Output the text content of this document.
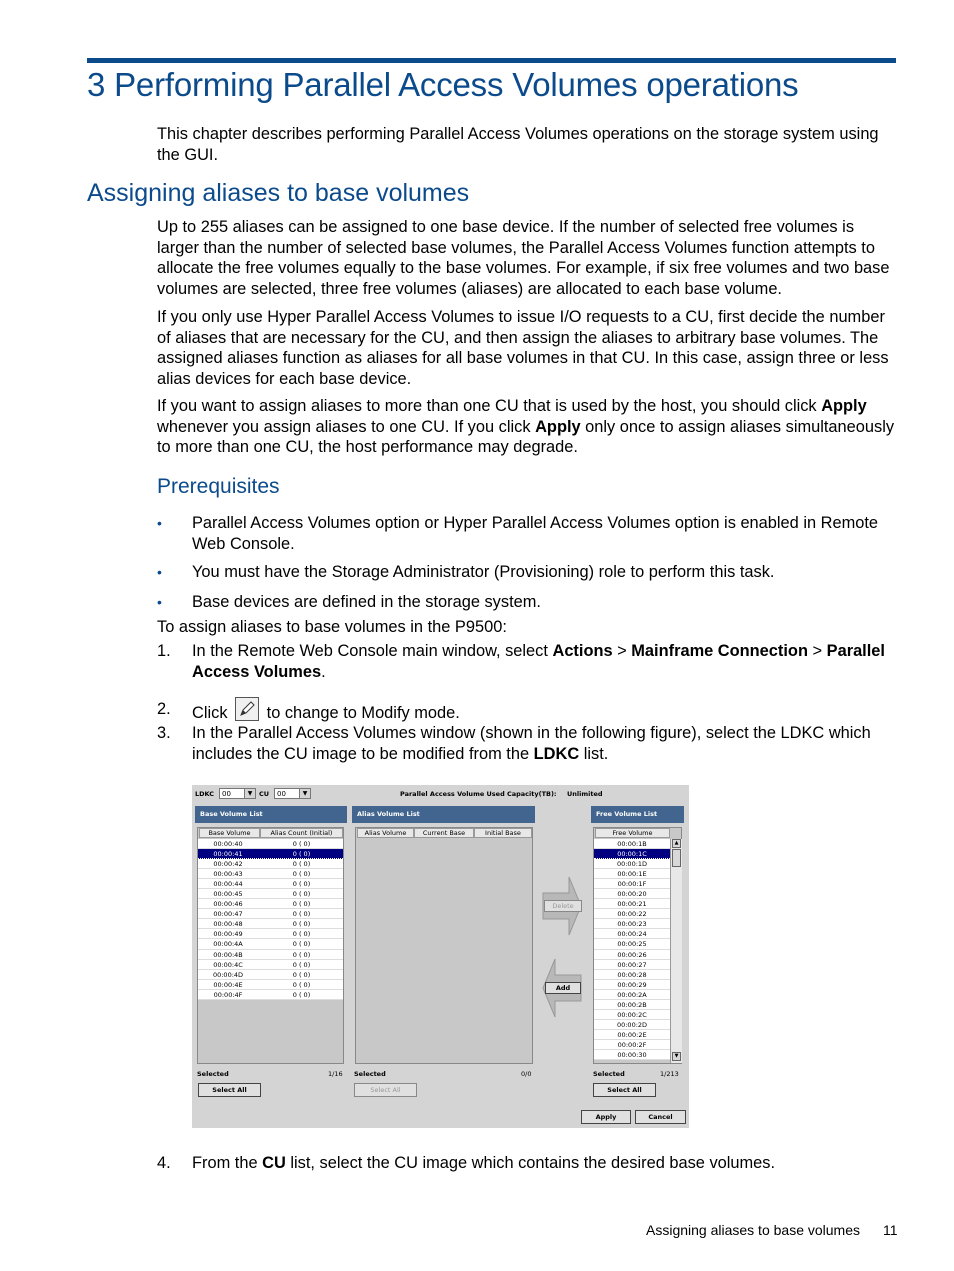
3 Performing Parallel Access Volumes operations

This chapter describes performing Parallel Access Volumes operations on the storage system using the GUI.

Assigning aliases to base volumes

Up to 255 aliases can be assigned to one base device. If the number of selected free volumes is larger than the number of selected base volumes, the Parallel Access Volumes function attempts to allocate the free volumes equally to the base volumes. For example, if six free volumes and two base volumes are selected, three free volumes (aliases) are allocated to each base volume.

If you only use Hyper Parallel Access Volumes to issue I/O requests to a CU, first decide the number of aliases that are necessary for the CU, and then assign the aliases to arbitrary base volumes. The assigned aliases function as aliases for all base volumes in that CU. In this case, assign three or less alias devices for each base device.

If you want to assign aliases to more than one CU that is used by the host, you should click Apply whenever you assign aliases to one CU. If you click Apply only once to assign aliases simultaneously to more than one CU, the host performance may degrade.

Prerequisites
• Parallel Access Volumes option or Hyper Parallel Access Volumes option is enabled in Remote Web Console.
• You must have the Storage Administrator (Provisioning) role to perform this task.
• Base devices are defined in the storage system.

To assign aliases to base volumes in the P9500:

1. In the Remote Web Console main window, select Actions > Mainframe Connection > Parallel Access Volumes.
2. Click to change to Modify mode.
3. In the Parallel Access Volumes window (shown in the following figure), select the LDKC which includes the CU image to be modified from the LDKC list.
LDKC	00	▼	CU	00	▼	Parallel Access Volume Used Capacity(TB): Unlimited
Base Volume List
Base Volume	Alias Count (Initial)
00:00:40	0 ( 0)
00:00:41	0 ( 0)
00:00:42	0 ( 0)
00:00:43	0 ( 0)
00:00:44	0 ( 0)
00:00:45	0 ( 0)
00:00:46	0 ( 0)
00:00:47	0 ( 0)
00:00:48	0 ( 0)
00:00:49	0 ( 0)
00:00:4A	0 ( 0)
00:00:4B	0 ( 0)
00:00:4C	0 ( 0)
00:00:4D	0 ( 0)
00:00:4E	0 ( 0)
00:00:4F	0 ( 0)
Selected	1/16
Select All
Alias Volume List
Alias Volume	Current Base	Initial Base
Selected	0/0
Select All
Delete
Add
Free Volume List
Free Volume
00:00:1B
00:00:1C
00:00:1D
00:00:1E
00:00:1F
00:00:20
00:00:21
00:00:22
00:00:23
00:00:24
00:00:25
00:00:26
00:00:27
00:00:28
00:00:29
00:00:2A
00:00:2B
00:00:2C
00:00:2D
00:00:2E
00:00:2F
00:00:30
▲
▼
Selected	1/213
Select All
Apply	Cancel
4. From the CU list, select the CU image which contains the desired base volumes.
Assigning aliases to base volumes 11
